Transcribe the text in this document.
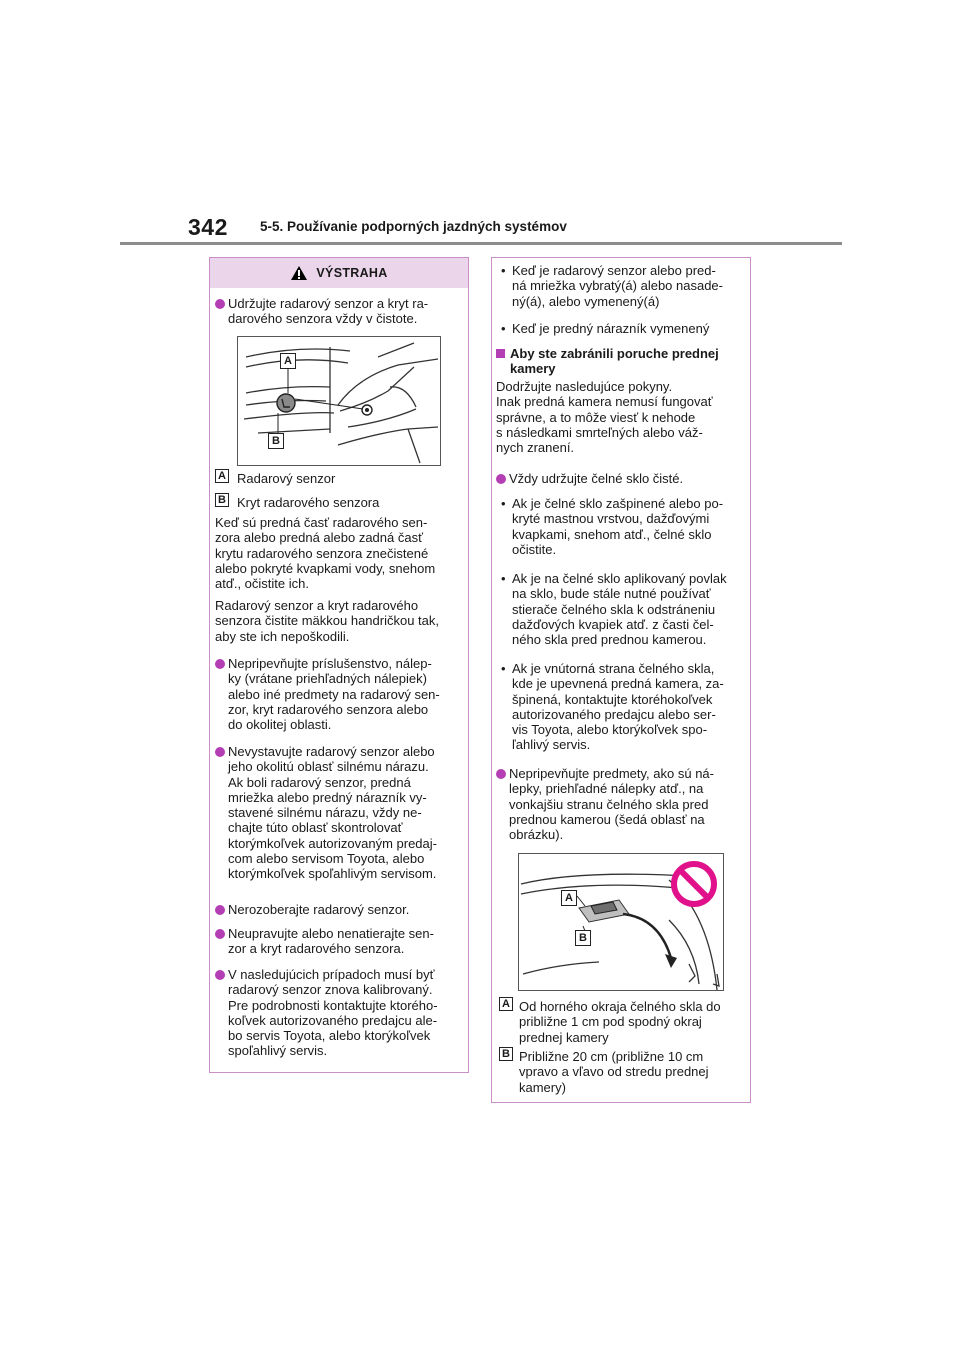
342 5-5. Používanie podporných jazdných systémov
VÝSTRAHA
Udržujte radarový senzor a kryt ra-
darového senzora vždy v čistote.
A
B
A Radarový senzor
B Kryt radarového senzora
Keď sú predná časť radarového sen-
zora alebo predná alebo zadná časť
krytu radarového senzora znečistené
alebo pokryté kvapkami vody, snehom
atď., očistite ich.
Radarový senzor a kryt radarového
senzora čistite mäkkou handričkou tak,
aby ste ich nepoškodili.
Nepripevňujte príslušenstvo, nálep-
ky (vrátane priehľadných nálepiek)
alebo iné predmety na radarový sen-
zor, kryt radarového senzora alebo
do okolitej oblasti.
Nevystavujte radarový senzor alebo
jeho okolitú oblasť silnému nárazu.
Ak boli radarový senzor, predná
mriežka alebo predný nárazník vy-
stavené silnému nárazu, vždy ne-
chajte túto oblasť skontrolovať
ktorýmkoľvek autorizovaným predaj-
com alebo servisom Toyota, alebo
ktorýmkoľvek spoľahlivým servisom.
Nerozoberajte radarový senzor.
Neupravujte alebo nenatierajte sen-
zor a kryt radarového senzora.
V nasledujúcich prípadoch musí byť
radarový senzor znova kalibrovaný.
Pre podrobnosti kontaktujte ktorého-
koľvek autorizovaného predajcu ale-
bo servis Toyota, alebo ktorýkoľvek
spoľahlivý servis.
• Keď je radarový senzor alebo pred-
ná mriežka vybratý(á) alebo nasade-
ný(á), alebo vymenený(á)
• Keď je predný nárazník vymenený
Aby ste zabránili poruche prednej
kamery
Dodržujte nasledujúce pokyny.
Inak predná kamera nemusí fungovať
správne, a to môže viesť k nehode
s následkami smrteľných alebo váž-
nych zranení.
Vždy udržujte čelné sklo čisté.
• Ak je čelné sklo zašpinené alebo po-
kryté mastnou vrstvou, dažďovými
kvapkami, snehom atď., čelné sklo
očistite.
• Ak je na čelné sklo aplikovaný povlak
na sklo, bude stále nutné používať
stierače čelného skla k odstráneniu
dažďových kvapiek atď. z časti čel-
ného skla pred prednou kamerou.
• Ak je vnútorná strana čelného skla,
kde je upevnená predná kamera, za-
špinená, kontaktujte ktoréhokoľvek
autorizovaného predajcu alebo ser-
vis Toyota, alebo ktorýkoľvek spo-
ľahlivý servis.
Nepripevňujte predmety, ako sú ná-
lepky, priehľadné nálepky atď., na
vonkajšiu stranu čelného skla pred
prednou kamerou (šedá oblasť na
obrázku).
A
B
A Od horného okraja čelného skla do
približne 1 cm pod spodný okraj
prednej kamery
B Približne 20 cm (približne 10 cm
vpravo a vľavo od stredu prednej
kamery)
